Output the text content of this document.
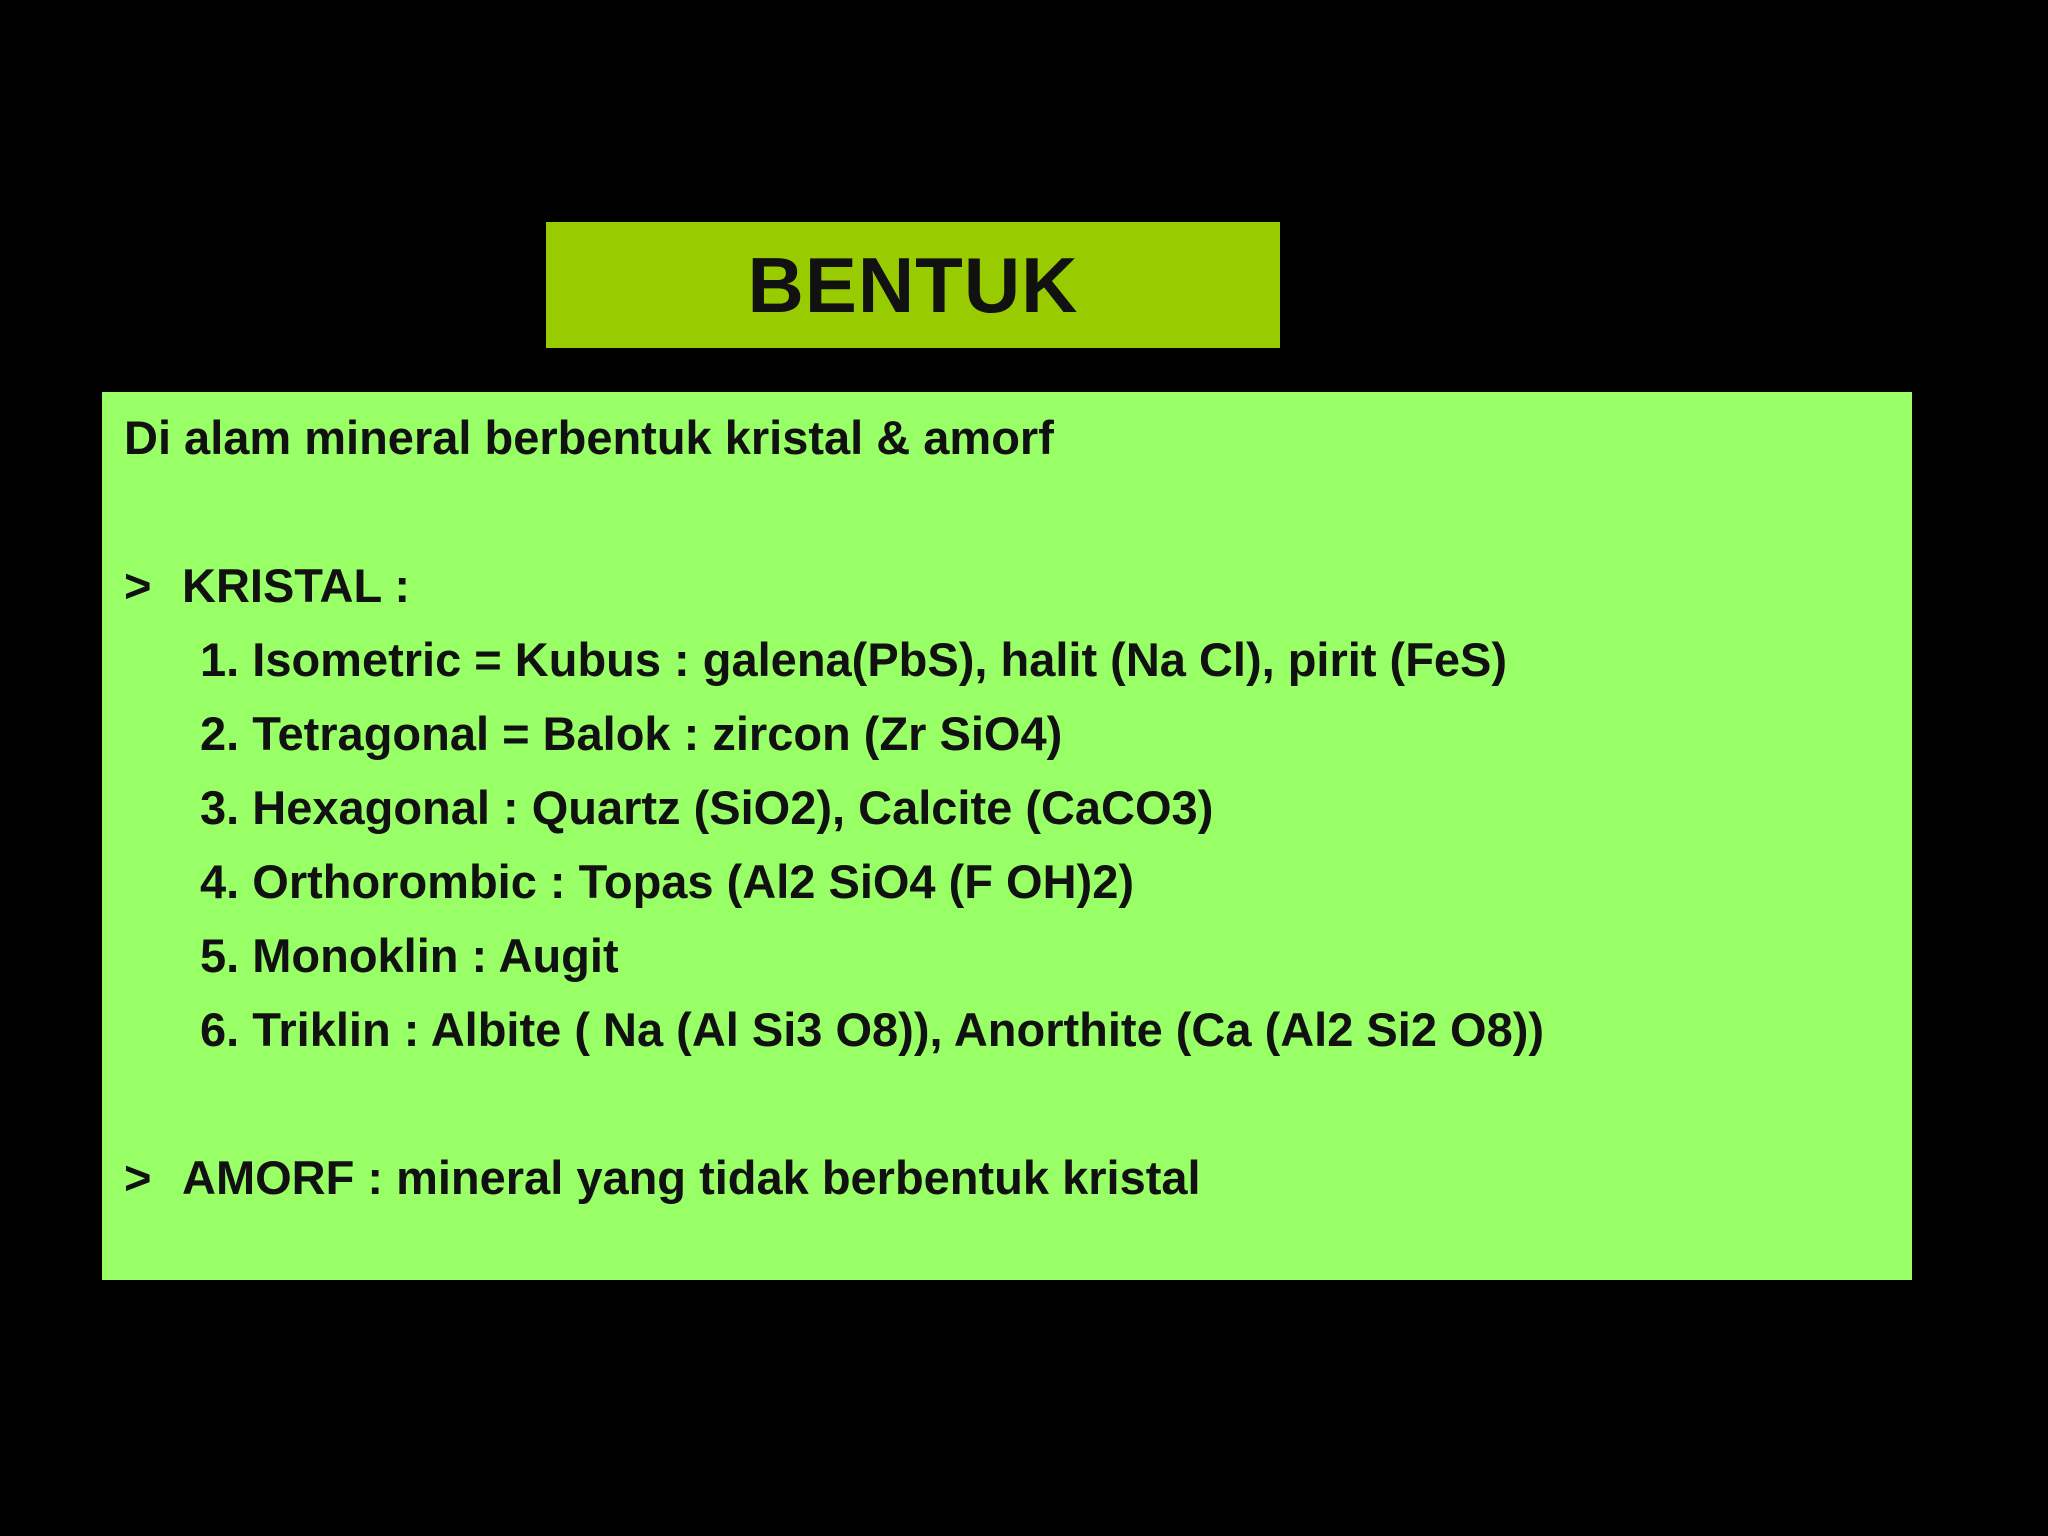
BENTUK
Di alam mineral berbentuk kristal & amorf
> KRISTAL :
1. Isometric = Kubus : galena(PbS), halit (Na Cl), pirit (FeS)
2. Tetragonal = Balok : zircon (Zr SiO4)
3. Hexagonal : Quartz (SiO2), Calcite (CaCO3)
4. Orthorombic : Topas (Al2 SiO4 (F OH)2)
5. Monoklin : Augit
6. Triklin : Albite ( Na (Al Si3 O8)), Anorthite (Ca (Al2 Si2 O8))
> AMORF : mineral yang tidak berbentuk kristal
